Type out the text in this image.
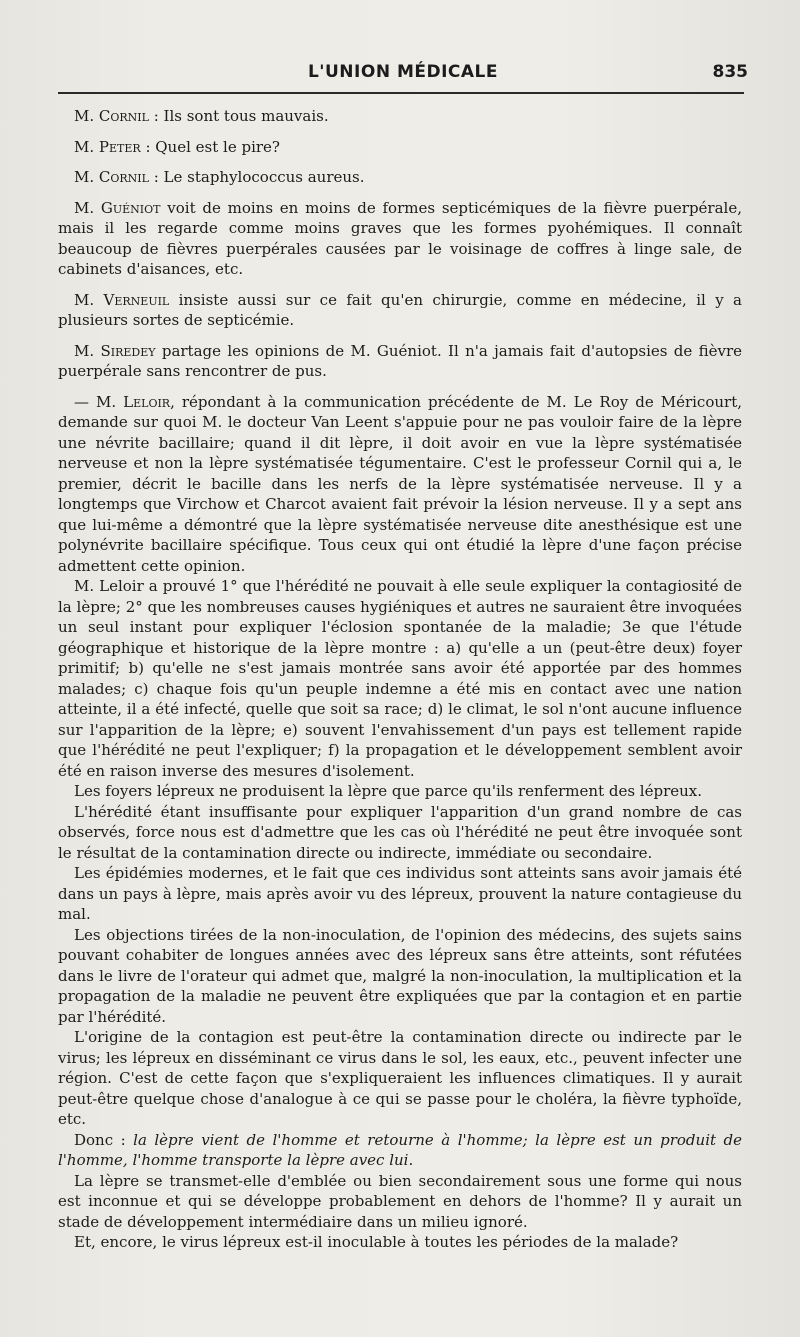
L'UNION MÉDICALE	835

M. Cornil : Ils sont tous mauvais.

M. Peter : Quel est le pire?

M. Cornil : Le staphylococcus aureus.

M. Guéniot voit de moins en moins de formes septicémiques de la fièvre puerpérale, mais il les regarde comme moins graves que les formes pyohémiques. Il connaît beaucoup de fièvres puerpérales causées par le voisinage de coffres à linge sale, de cabinets d'aisances, etc.

M. Verneuil insiste aussi sur ce fait qu'en chirurgie, comme en médecine, il y a plusieurs sortes de septicémie.

M. Siredey partage les opinions de M. Guéniot. Il n'a jamais fait d'autopsies de fièvre puerpérale sans rencontrer de pus.

— M. Leloir, répondant à la communication précédente de M. Le Roy de Méricourt, demande sur quoi M. le docteur Van Leent s'appuie pour ne pas vouloir faire de la lèpre une névrite bacillaire; quand il dit lèpre, il doit avoir en vue la lèpre systématisée nerveuse et non la lèpre systématisée tégumentaire. C'est le professeur Cornil qui a, le premier, décrit le bacille dans les nerfs de la lèpre systématisée nerveuse. Il y a longtemps que Virchow et Charcot avaient fait prévoir la lésion nerveuse. Il y a sept ans que lui-même a démontré que la lèpre systématisée nerveuse dite anesthésique est une polynévrite bacillaire spécifique. Tous ceux qui ont étudié la lèpre d'une façon précise admettent cette opinion.

M. Leloir a prouvé 1° que l'hérédité ne pouvait à elle seule expliquer la contagiosité de la lèpre; 2° que les nombreuses causes hygiéniques et autres ne sauraient être invoquées un seul instant pour expliquer l'éclosion spontanée de la maladie; 3e que l'étude géographique et historique de la lèpre montre : a) qu'elle a un (peut-être deux) foyer primitif; b) qu'elle ne s'est jamais montrée sans avoir été apportée par des hommes malades; c) chaque fois qu'un peuple indemne a été mis en contact avec une nation atteinte, il a été infecté, quelle que soit sa race; d) le climat, le sol n'ont aucune influence sur l'apparition de la lèpre; e) souvent l'envahissement d'un pays est tellement rapide que l'hérédité ne peut l'expliquer; f) la propagation et le développement semblent avoir été en raison inverse des mesures d'isolement.

Les foyers lépreux ne produisent la lèpre que parce qu'ils renferment des lépreux.

L'hérédité étant insuffisante pour expliquer l'apparition d'un grand nombre de cas observés, force nous est d'admettre que les cas où l'hérédité ne peut être invoquée sont le résultat de la contamination directe ou indirecte, immédiate ou secondaire.

Les épidémies modernes, et le fait que ces individus sont atteints sans avoir jamais été dans un pays à lèpre, mais après avoir vu des lépreux, prouvent la nature contagieuse du mal.

Les objections tirées de la non-inoculation, de l'opinion des médecins, des sujets sains pouvant cohabiter de longues années avec des lépreux sans être atteints, sont réfutées dans le livre de l'orateur qui admet que, malgré la non-inoculation, la multiplication et la propagation de la maladie ne peuvent être expliquées que par la contagion et en partie par l'hérédité.

L'origine de la contagion est peut-être la contamination directe ou indirecte par le virus; les lépreux en disséminant ce virus dans le sol, les eaux, etc., peuvent infecter une région. C'est de cette façon que s'expliqueraient les influences climatiques. Il y aurait peut-être quelque chose d'analogue à ce qui se passe pour le choléra, la fièvre typhoïde, etc.

Donc : la lèpre vient de l'homme et retourne à l'homme; la lèpre est un produit de l'homme, l'homme transporte la lèpre avec lui.

La lèpre se transmet-elle d'emblée ou bien secondairement sous une forme qui nous est inconnue et qui se développe probablement en dehors de l'homme? Il y aurait un stade de développement intermédiaire dans un milieu ignoré.

Et, encore, le virus lépreux est-il inoculable à toutes les périodes de la malade?
